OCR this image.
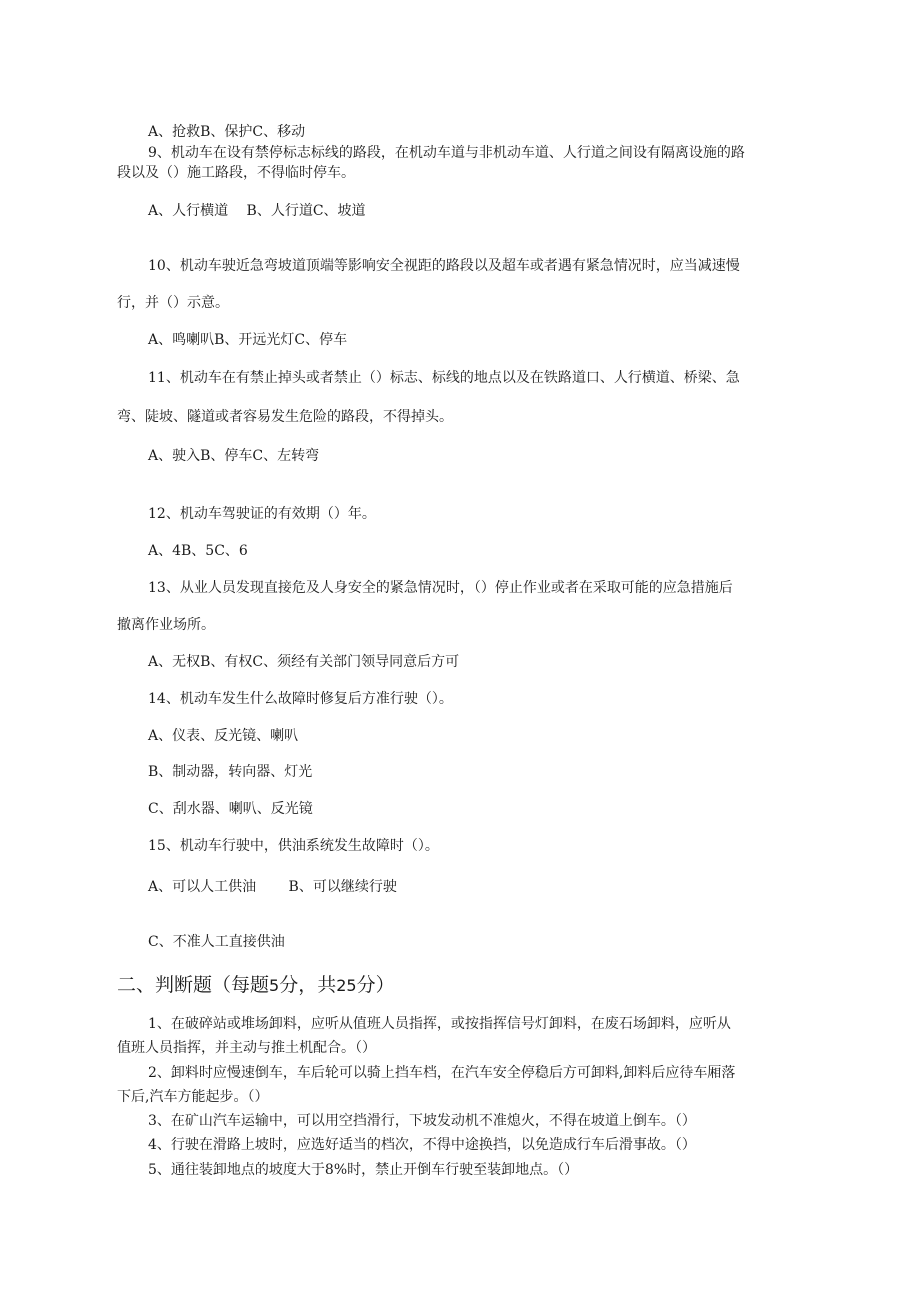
A、抢救B、保护C、移动
9、机动车在设有禁停标志标线的路段，在机动车道与非机动车道、人行道之间设有隔离设施的路
段以及（）施工路段，不得临时停车。
A、人行横道　 B、人行道C、坡道
10、机动车驶近急弯坡道顶端等影响安全视距的路段以及超车或者遇有紧急情况时，应当减速慢
行，并（）示意。
A、鸣喇叭B、开远光灯C、停车
11、机动车在有禁止掉头或者禁止（）标志、标线的地点以及在铁路道口、人行横道、桥梁、急
弯、陡坡、隧道或者容易发生危险的路段，不得掉头。
A、驶入B、停车C、左转弯
12、机动车驾驶证的有效期（）年。
A、4B、5C、6
13、从业人员发现直接危及人身安全的紧急情况时，（）停止作业或者在采取可能的应急措施后
撤离作业场所。
A、无权B、有权C、须经有关部门领导同意后方可
14、机动车发生什么故障时修复后方准行驶（）。
A、仪表、反光镜、喇叭
B、制动器，转向器、灯光
C、刮水器、喇叭、反光镜
15、机动车行驶中，供油系统发生故障时（）。
A、可以人工供油　　 B、可以继续行驶
C、不准人工直接供油
二、判断题（每题5分，共25分）
1、在破碎站或堆场卸料，应听从值班人员指挥，或按指挥信号灯卸料，在废石场卸料，应听从
值班人员指挥，并主动与推土机配合。（）
2、卸料时应慢速倒车，车后轮可以骑上挡车档，在汽车安全停稳后方可卸料,卸料后应待车厢落
下后,汽车方能起步。（）
3、在矿山汽车运输中，可以用空挡滑行，下坡发动机不准熄火，不得在坡道上倒车。（）
4、行驶在滑路上坡时，应选好适当的档次，不得中途换挡，以免造成行车后滑事故。（）
5、通往装卸地点的坡度大于8%时，禁止开倒车行驶至装卸地点。（）
